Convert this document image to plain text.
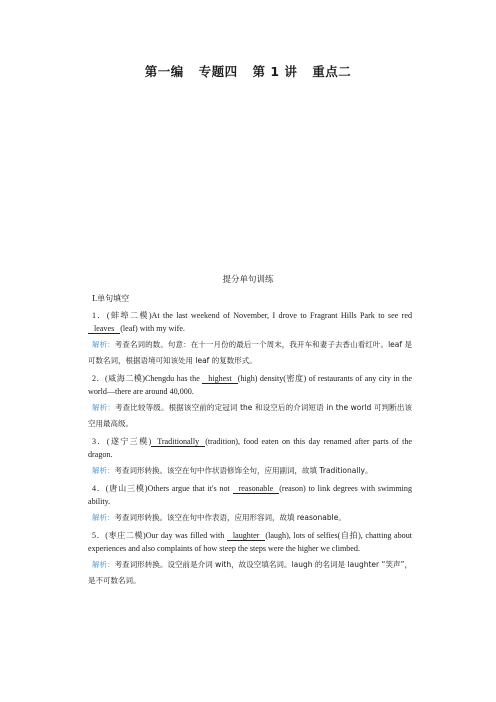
第一编 专题四 第 1 讲 重点二
提分单句训练
Ⅰ.单句填空
1．(蚌埠二模)At the last weekend of November, I drove to Fragrant Hills Park to see red leaves (leaf) with my wife.
解析：考查名词的数。句意：在十一月份的最后一个周末，我开车和妻子去香山看红叶。leaf 是可数名词，根据语境可知该处用 leaf 的复数形式。
2．(威海二模)Chengdu has the highest (high) density(密度) of restaurants of any city in the world—there are around 40,000.
解析：考查比较等级。根据该空前的定冠词 the 和设空后的介词短语 in the world 可判断出该空用最高级。
3．(遂宁三模) Traditionally (tradition), food eaten on this day renamed after parts of the dragon.
解析：考查词形转换。该空在句中作状语修饰全句，应用副词，故填 Traditionally。
4．(唐山三模)Others argue that it's not reasonable (reason) to link degrees with swimming ability.
解析：考查词形转换。该空在句中作表语，应用形容词，故填 reasonable。
5．(枣庄二模)Our day was filled with laughter (laugh), lots of selfies(自拍), chatting about experiences and also complaints of how steep the steps were the higher we climbed.
解析：考查词形转换。设空前是介词 with，故设空填名词。laugh 的名词是 laughter “笑声”，是不可数名词。
